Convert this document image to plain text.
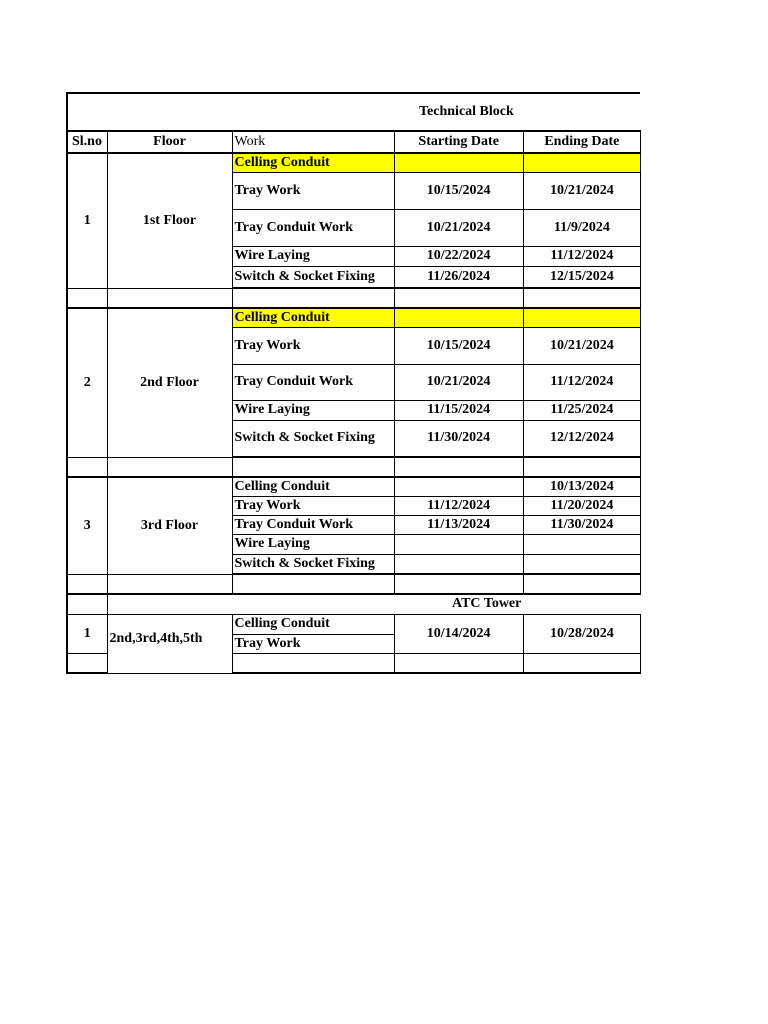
			Technical Block	
Sl.no	Floor	Work	Starting Date	Ending Date
1	1st Floor	Celling Conduit		
		Tray Work	10/15/2024	10/21/2024
		Tray Conduit Work	10/21/2024	11/9/2024
		Wire Laying	10/22/2024	11/12/2024
		Switch & Socket Fixing	11/26/2024	12/15/2024

2	2nd Floor	Celling Conduit		
		Tray Work	10/15/2024	10/21/2024
		Tray Conduit Work	10/21/2024	11/12/2024
		Wire Laying	11/15/2024	11/25/2024
		Switch & Socket Fixing	11/30/2024	12/12/2024

3	3rd Floor	Celling Conduit		10/13/2024
		Tray Work	11/12/2024	11/20/2024
		Tray Conduit Work	11/13/2024	11/30/2024
		Wire Laying		
		Switch & Socket Fixing		

			ATC Tower	
1	2nd,3rd,4th,5th	Celling Conduit	10/14/2024	10/28/2024
		Tray Work		
